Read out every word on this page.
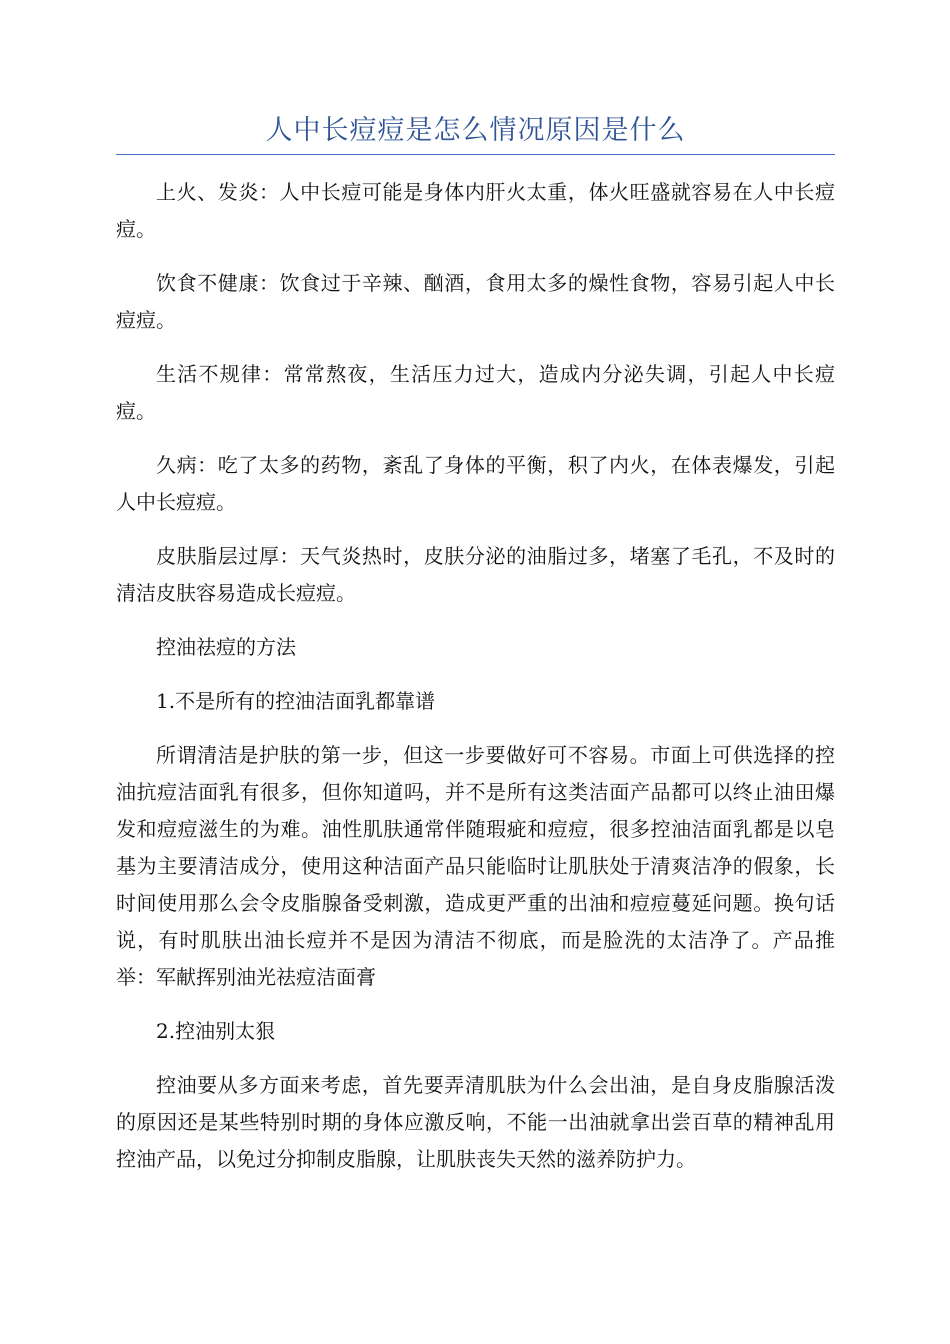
人中长痘痘是怎么情况原因是什么

上火、发炎：人中长痘可能是身体内肝火太重，体火旺盛就容易在人中长痘痘。

饮食不健康：饮食过于辛辣、酗酒，食用太多的燥性食物，容易引起人中长痘痘。

生活不规律：常常熬夜，生活压力过大，造成内分泌失调，引起人中长痘痘。

久病：吃了太多的药物，紊乱了身体的平衡，积了内火，在体表爆发，引起人中长痘痘。

皮肤脂层过厚：天气炎热时，皮肤分泌的油脂过多，堵塞了毛孔，不及时的清洁皮肤容易造成长痘痘。

控油祛痘的方法

1.不是所有的控油洁面乳都靠谱

所谓清洁是护肤的第一步，但这一步要做好可不容易。市面上可供选择的控油抗痘洁面乳有很多，但你知道吗，并不是所有这类洁面产品都可以终止油田爆发和痘痘滋生的为难。油性肌肤通常伴随瑕疵和痘痘，很多控油洁面乳都是以皂基为主要清洁成分，使用这种洁面产品只能临时让肌肤处于清爽洁净的假象，长时间使用那么会令皮脂腺备受刺激，造成更严重的出油和痘痘蔓延问题。换句话说，有时肌肤出油长痘并不是因为清洁不彻底，而是脸洗的太洁净了。产品推举：军献挥别油光祛痘洁面膏

2.控油别太狠

控油要从多方面来考虑，首先要弄清肌肤为什么会出油，是自身皮脂腺活泼的原因还是某些特别时期的身体应激反响，不能一出油就拿出尝百草的精神乱用控油产品，以免过分抑制皮脂腺，让肌肤丧失天然的滋养防护力。
